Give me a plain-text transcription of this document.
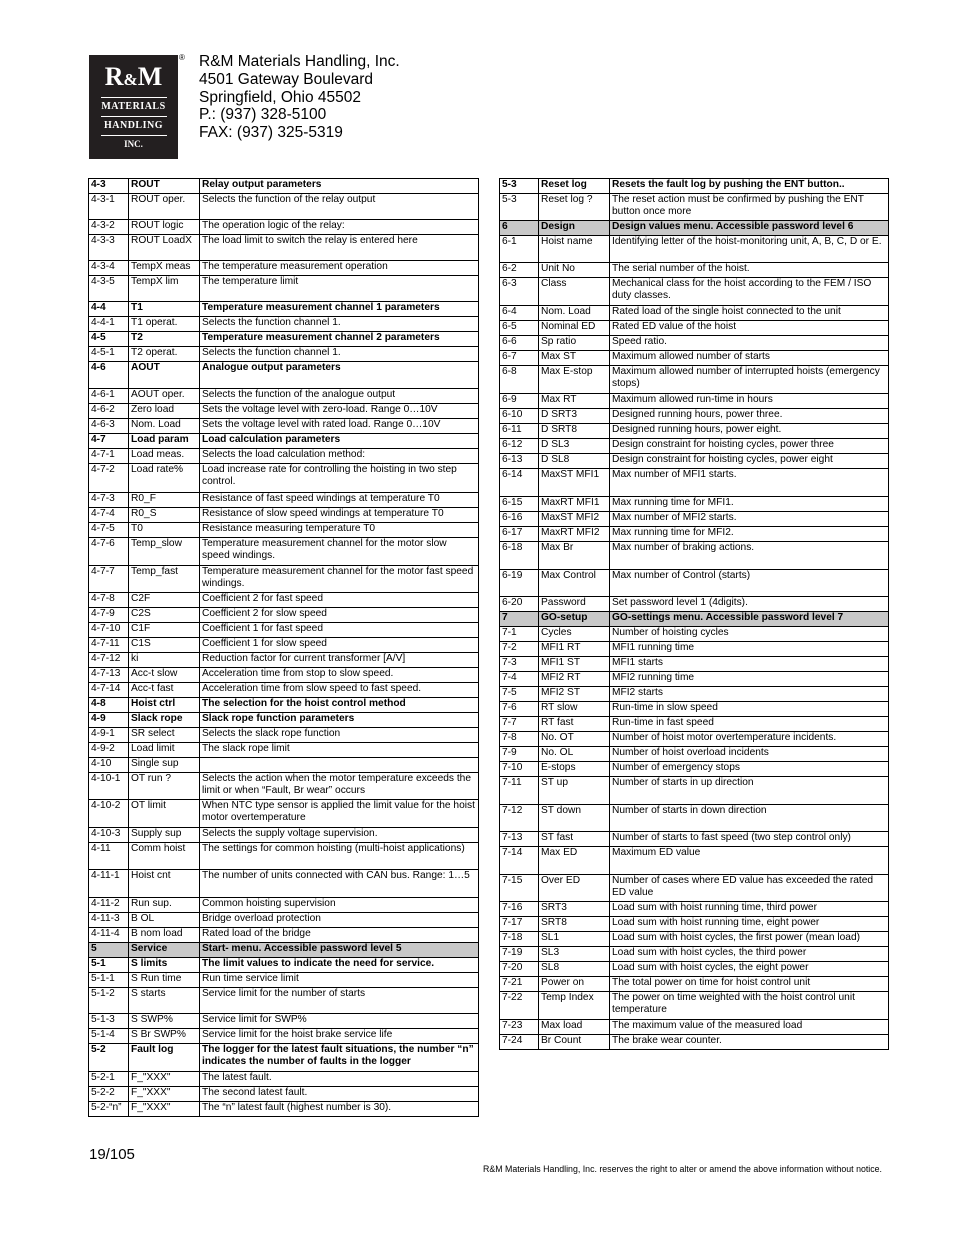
R&M
MATERIALS
HANDLING
INC.
® R&M Materials Handling, Inc.
4501 Gateway Boulevard
Springfield, Ohio 45502
P.: (937) 328-5100
FAX: (937) 325-5319
4-3	ROUT	Relay output parameters
4-3-1	ROUT oper.	Selects the function of the relay output
4-3-2	ROUT logic	The operation logic of the relay:
4-3-3	ROUT LoadX	The load limit to switch the relay is entered here
4-3-4	TempX meas	The temperature measurement operation
4-3-5	TempX lim	The temperature limit
4-4	T1	Temperature measurement channel 1 parameters
4-4-1	T1 operat.	Selects the function channel 1.
4-5	T2	Temperature measurement channel 2 parameters
4-5-1	T2 operat.	Selects the function channel 1.
4-6	AOUT	Analogue output parameters
4-6-1	AOUT oper.	Selects the function of the analogue output
4-6-2	Zero load	Sets the voltage level with zero-load. Range 0…10V
4-6-3	Nom. Load	Sets the voltage level with rated load. Range 0…10V
4-7	Load param	Load calculation parameters
4-7-1	Load meas.	Selects the load calculation method:
4-7-2	Load rate%	Load increase rate for controlling the hoisting in two step control.
4-7-3	R0_F	Resistance of fast speed windings at temperature T0
4-7-4	R0_S	Resistance of slow speed windings at temperature T0
4-7-5	T0	Resistance measuring temperature T0
4-7-6	Temp_slow	Temperature measurement channel for the motor slow speed windings.
4-7-7	Temp_fast	Temperature measurement channel for the motor fast speed windings.
4-7-8	C2F	Coefficient 2 for fast speed
4-7-9	C2S	Coefficient 2 for slow speed
4-7-10	C1F	Coefficient 1 for fast speed
4-7-11	C1S	Coefficient 1 for slow speed
4-7-12	ki	Reduction factor for current transformer [A/V]
4-7-13	Acc-t slow	Acceleration time from stop to slow speed.
4-7-14	Acc-t fast	Acceleration time from slow speed to fast speed.
4-8	Hoist ctrl	The selection for the hoist control method
4-9	Slack rope	Slack rope function parameters
4-9-1	SR select	Selects the slack rope function
4-9-2	Load limit	The slack rope limit
4-10	Single sup	
4-10-1	OT run ?	Selects the action when the motor temperature exceeds the limit or when “Fault, Br wear” occurs
4-10-2	OT limit	When NTC type sensor is applied the limit value for the hoist motor overtemperature
4-10-3	Supply sup	Selects the supply voltage supervision.
4-11	Comm hoist	The settings for common hoisting (multi-hoist applications)
4-11-1	Hoist cnt	The number of units connected with CAN bus. Range: 1…5
4-11-2	Run sup.	Common hoisting supervision
4-11-3	B OL	Bridge overload protection
4-11-4	B nom load	Rated load of the bridge
5	Service	Start- menu. Accessible password level 5
5-1	S limits	The limit values to indicate the need for service.
5-1-1	S Run time	Run time service limit
5-1-2	S starts	Service limit for the number of starts
5-1-3	S SWP%	Service limit for SWP%
5-1-4	S Br SWP%	Service limit for the hoist brake service life
5-2	Fault log	The logger for the latest fault situations, the number “n” indicates the number of faults in the logger
5-2-1	F_"XXX"	The latest fault.
5-2-2	F_"XXX"	The second latest fault.
5-2-“n”	F_"XXX"	The “n” latest fault (highest number is 30).
5-3	Reset log	Resets the fault log by pushing the ENT button..
5-3	Reset log ?	The reset action must be confirmed by pushing the ENT button once more
6	Design	Design values menu. Accessible password level 6
6-1	Hoist name	Identifying letter of the hoist-monitoring unit, A, B, C, D or E.
6-2	Unit No	The serial number of the hoist.
6-3	Class	Mechanical class for the hoist according to the FEM / ISO duty classes.
6-4	Nom. Load	Rated load of the single hoist connected to the unit
6-5	Nominal ED	Rated ED value of the hoist
6-6	Sp ratio	Speed ratio.
6-7	Max ST	Maximum allowed number of starts
6-8	Max E-stop	Maximum allowed number of interrupted hoists (emergency stops)
6-9	Max RT	Maximum allowed run-time in hours
6-10	D SRT3	Designed running hours, power three.
6-11	D SRT8	Designed running hours, power eight.
6-12	D SL3	Design constraint for hoisting cycles, power three
6-13	D SL8	Design constraint for hoisting cycles, power eight
6-14	MaxST MFI1	Max number of MFI1 starts.
6-15	MaxRT MFI1	Max running time for MFI1.
6-16	MaxST MFI2	Max number of MFI2 starts.
6-17	MaxRT MFI2	Max running time for MFI2.
6-18	Max Br	Max number of braking actions.
6-19	Max Control	Max number of Control (starts)
6-20	Password	Set password level 1 (4digits).
7	GO-setup	GO-settings menu. Accessible password level 7
7-1	Cycles	Number of hoisting cycles
7-2	MFI1 RT	MFI1 running time
7-3	MFI1 ST	MFI1 starts
7-4	MFI2 RT	MFI2 running time
7-5	MFI2 ST	MFI2 starts
7-6	RT slow	Run-time in slow speed
7-7	RT fast	Run-time in fast speed
7-8	No. OT	Number of hoist motor overtemperature incidents.
7-9	No. OL	Number of hoist overload incidents
7-10	E-stops	Number of emergency stops
7-11	ST up	Number of starts in up direction
7-12	ST down	Number of starts in down direction
7-13	ST fast	Number of starts to fast speed (two step control only)
7-14	Max ED	Maximum ED value
7-15	Over ED	Number of cases where ED value has exceeded the rated ED value
7-16	SRT3	Load sum with hoist running time, third power
7-17	SRT8	Load sum with hoist running time, eight power
7-18	SL1	Load sum with hoist cycles, the first power (mean load)
7-19	SL3	Load sum with hoist cycles, the third power
7-20	SL8	Load sum with hoist cycles, the eight power
7-21	Power on	The total power on time for hoist control unit
7-22	Temp Index	The power on time weighted with the hoist control unit temperature
7-23	Max load	The maximum value of the measured load
7-24	Br Count	The brake wear counter.
19/105
R&M Materials Handling, Inc. reserves the right to alter or amend the above information without notice.
